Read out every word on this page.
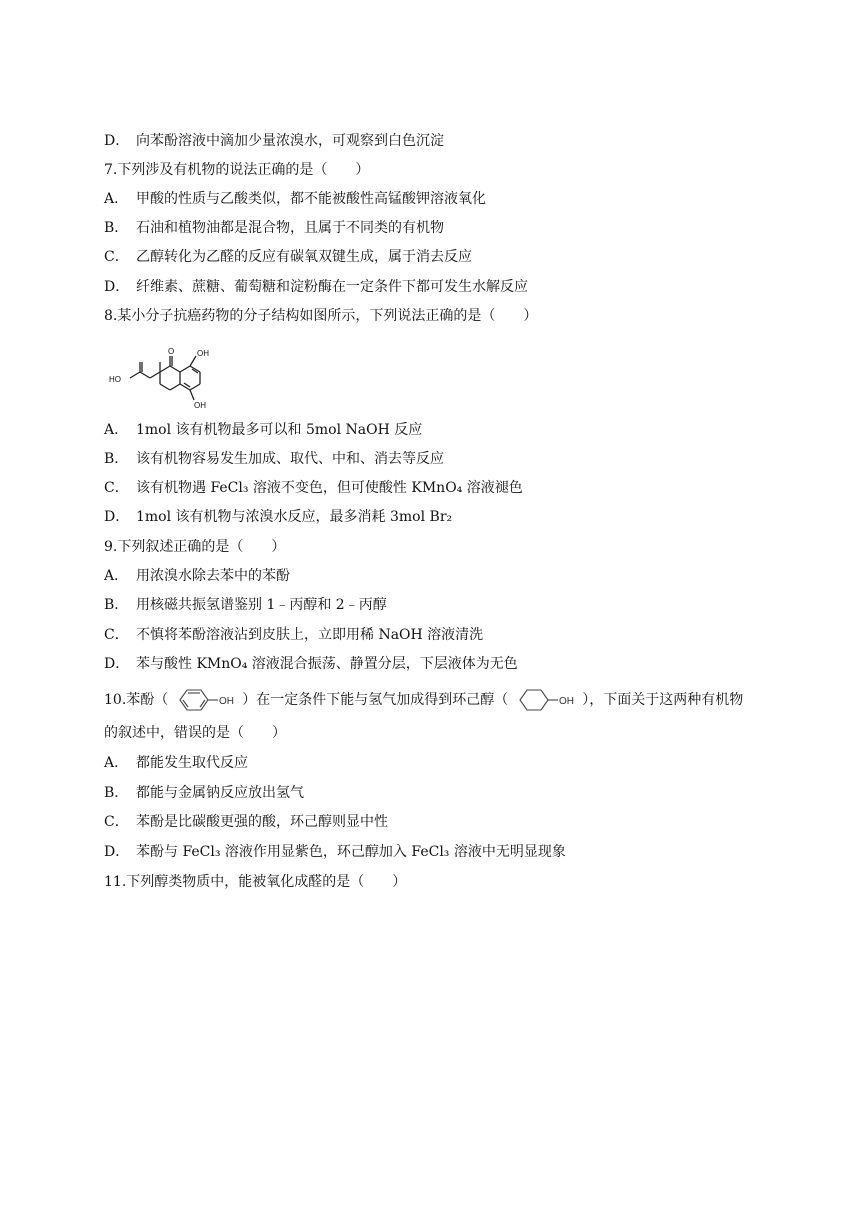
D． 向苯酚溶液中滴加少量浓溴水，可观察到白色沉淀
7.下列涉及有机物的说法正确的是（　　）
A． 甲酸的性质与乙酸类似，都不能被酸性高锰酸钾溶液氧化
B． 石油和植物油都是混合物，且属于不同类的有机物
C． 乙醇转化为乙醛的反应有碳氧双键生成，属于消去反应
D． 纤维素、蔗糖、葡萄糖和淀粉酶在一定条件下都可发生水解反应
8.某小分子抗癌药物的分子结构如图所示，下列说法正确的是（　　）
HO
O	OH
OH
A． 1mol 该有机物最多可以和 5mol NaOH 反应
B． 该有机物容易发生加成、取代、中和、消去等反应
C． 该有机物遇 FeCl₃ 溶液不变色，但可使酸性 KMnO₄ 溶液褪色
D． 1mol 该有机物与浓溴水反应，最多消耗 3mol Br₂
9.下列叙述正确的是（　　）
A． 用浓溴水除去苯中的苯酚
B． 用核磁共振氢谱鉴别 1﹣丙醇和 2﹣丙醇
C． 不慎将苯酚溶液沾到皮肤上，立即用稀 NaOH 溶液清洗
D． 苯与酸性 KMnO₄ 溶液混合振荡、静置分层，下层液体为无色
10.苯酚（	OH ）在一定条件下能与氢气加成得到环己醇（	OH ），下面关于这两种有机物
的叙述中，错误的是（　　）
A． 都能发生取代反应
B． 都能与金属钠反应放出氢气
C． 苯酚是比碳酸更强的酸，环己醇则显中性
D． 苯酚与 FeCl₃ 溶液作用显紫色，环己醇加入 FeCl₃ 溶液中无明显现象
11.下列醇类物质中，能被氧化成醛的是（　　）
